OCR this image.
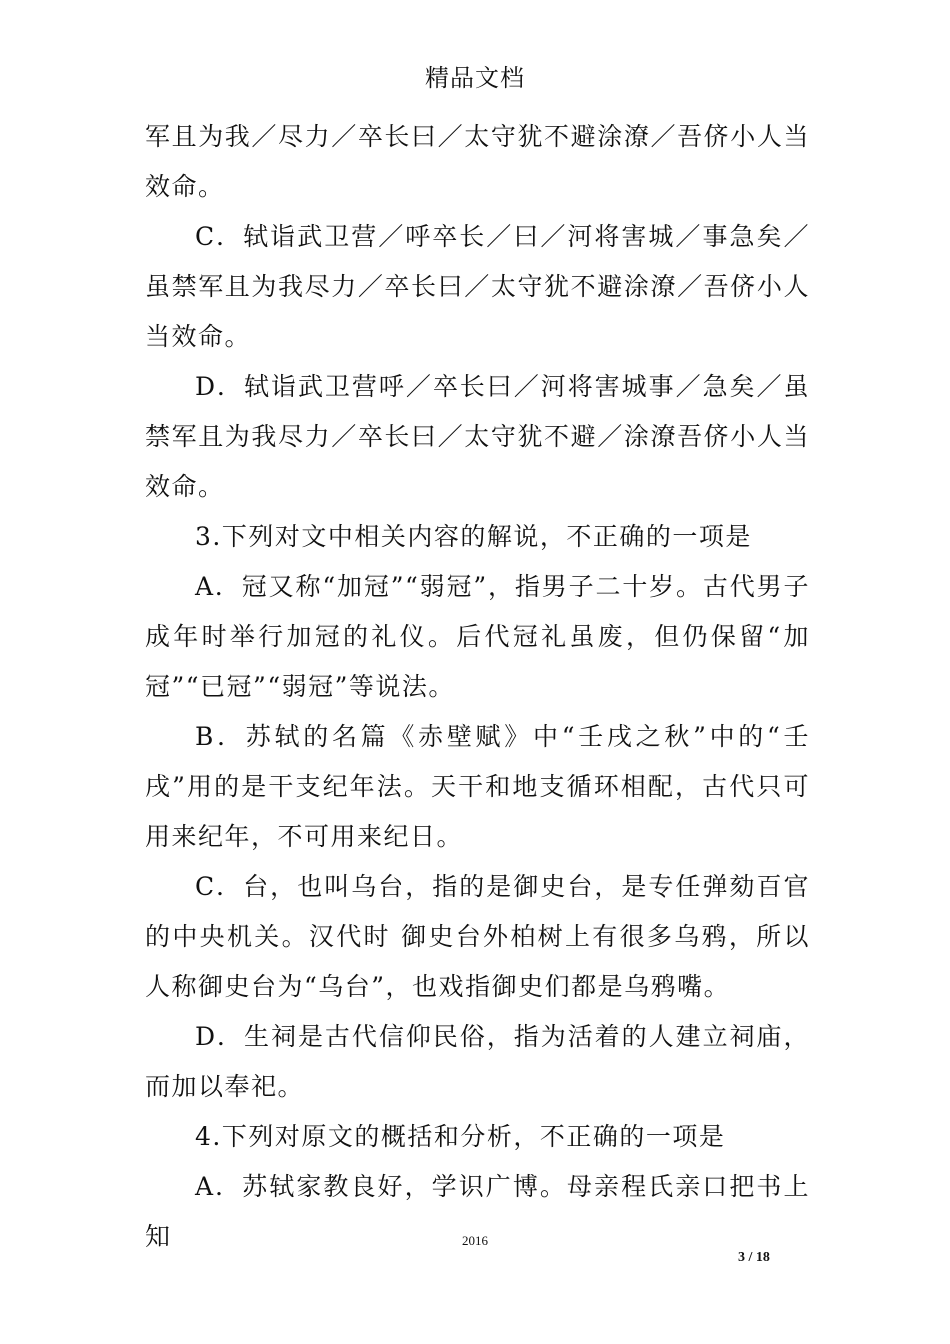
精品文档

军且为我／尽力／卒长曰／太守犹不避涂潦／吾侪小人当效命。

C．轼诣武卫营／呼卒长／曰／河将害城／事急矣／虽禁军且为我尽力／卒长曰／太守犹不避涂潦／吾侪小人当效命。

D．轼诣武卫营呼／卒长曰／河将害城事／急矣／虽禁军且为我尽力／卒长曰／太守犹不避／涂潦吾侪小人当效命。

3.下列对文中相关内容的解说，不正确的一项是

A．冠又称“加冠”“弱冠”，指男子二十岁。古代男子成年时举行加冠的礼仪。后代冠礼虽废，但仍保留“加冠”“已冠”“弱冠”等说法。

B．苏轼的名篇《赤壁赋》中“壬戌之秋”中的“壬戌”用的是干支纪年法。天干和地支循环相配，古代只可用来纪年，不可用来纪日。

C．台，也叫乌台，指的是御史台，是专任弹劾百官的中央机关。汉代时 御史台外柏树上有很多乌鸦，所以人称御史台为“乌台”，也戏指御史们都是乌鸦嘴。

D．生祠是古代信仰民俗，指为活着的人建立祠庙，而加以奉祀。

4.下列对原文的概括和分析，不正确的一项是

A．苏轼家教良好，学识广博。母亲程氏亲口把书上知	2016
3 / 18
